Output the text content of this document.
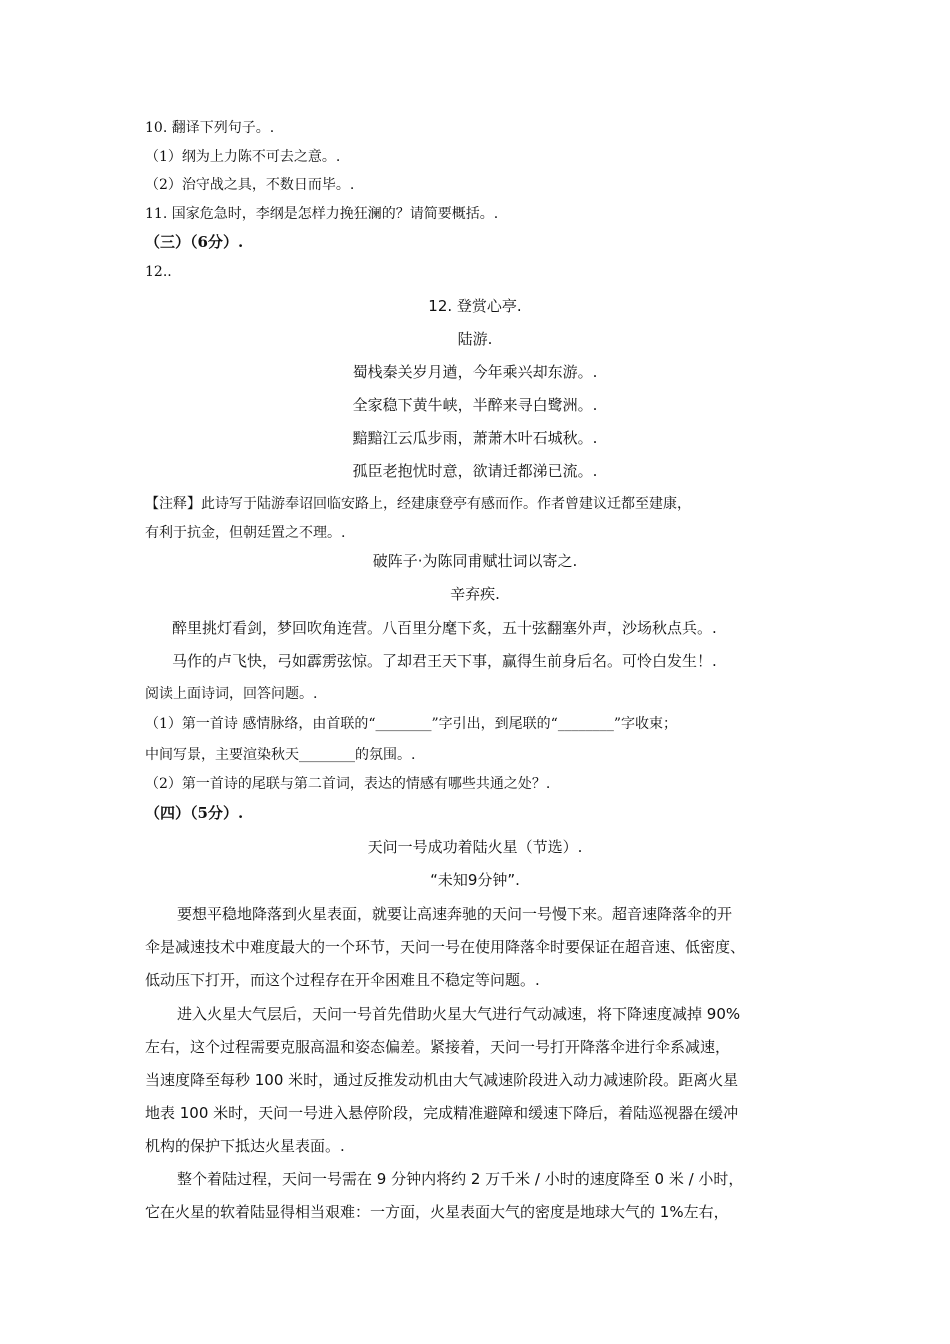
10. 翻译下列句子。.
（1）纲为上力陈不可去之意。.
（2）治守战之具，不数日而毕。.
11. 国家危急时，李纲是怎样力挽狂澜的？请简要概括。.
（三）（6分）.
12..
12. 登赏心亭.
陆游.
蜀栈秦关岁月遒，今年乘兴却东游。.
全家稳下黄牛峡，半醉来寻白鹭洲。.
黯黯江云瓜步雨，萧萧木叶石城秋。.
孤臣老抱忧时意，欲请迁都涕已流。.
【注释】此诗写于陆游奉诏回临安路上，经建康登亭有感而作。作者曾建议迁都至建康，
有利于抗金，但朝廷置之不理。.
破阵子·为陈同甫赋壮词以寄之.
辛弃疾.
醉里挑灯看剑，梦回吹角连营。八百里分麾下炙，五十弦翻塞外声，沙场秋点兵。.
马作的卢飞快，弓如霹雳弦惊。了却君王天下事，赢得生前身后名。可怜白发生！.
阅读上面诗词，回答问题。.
（1）第一首诗 感情脉络，由首联的“________”字引出，到尾联的“________”字收束；
中间写景，主要渲染秋天________的氛围。.
（2）第一首诗的尾联与第二首词，表达的情感有哪些共通之处？.
（四）（5分）.
天问一号成功着陆火星（节选）.
“未知9分钟”.
要想平稳地降落到火星表面，就要让高速奔驰的天问一号慢下来。超音速降落伞的开
伞是减速技术中难度最大的一个环节，天问一号在使用降落伞时要保证在超音速、低密度、
低动压下打开，而这个过程存在开伞困难且不稳定等问题。.
进入火星大气层后，天问一号首先借助火星大气进行气动减速，将下降速度减掉 90%
左右，这个过程需要克服高温和姿态偏差。紧接着，天问一号打开降落伞进行伞系减速，
当速度降至每秒 100 米时，通过反推发动机由大气减速阶段进入动力减速阶段。距离火星
地表 100 米时，天问一号进入悬停阶段，完成精准避障和缓速下降后，着陆巡视器在缓冲
机构的保护下抵达火星表面。.
整个着陆过程，天问一号需在 9 分钟内将约 2 万千米 / 小时的速度降至 0 米 / 小时，
它在火星的软着陆显得相当艰难：一方面，火星表面大气的密度是地球大气的 1%左右，
